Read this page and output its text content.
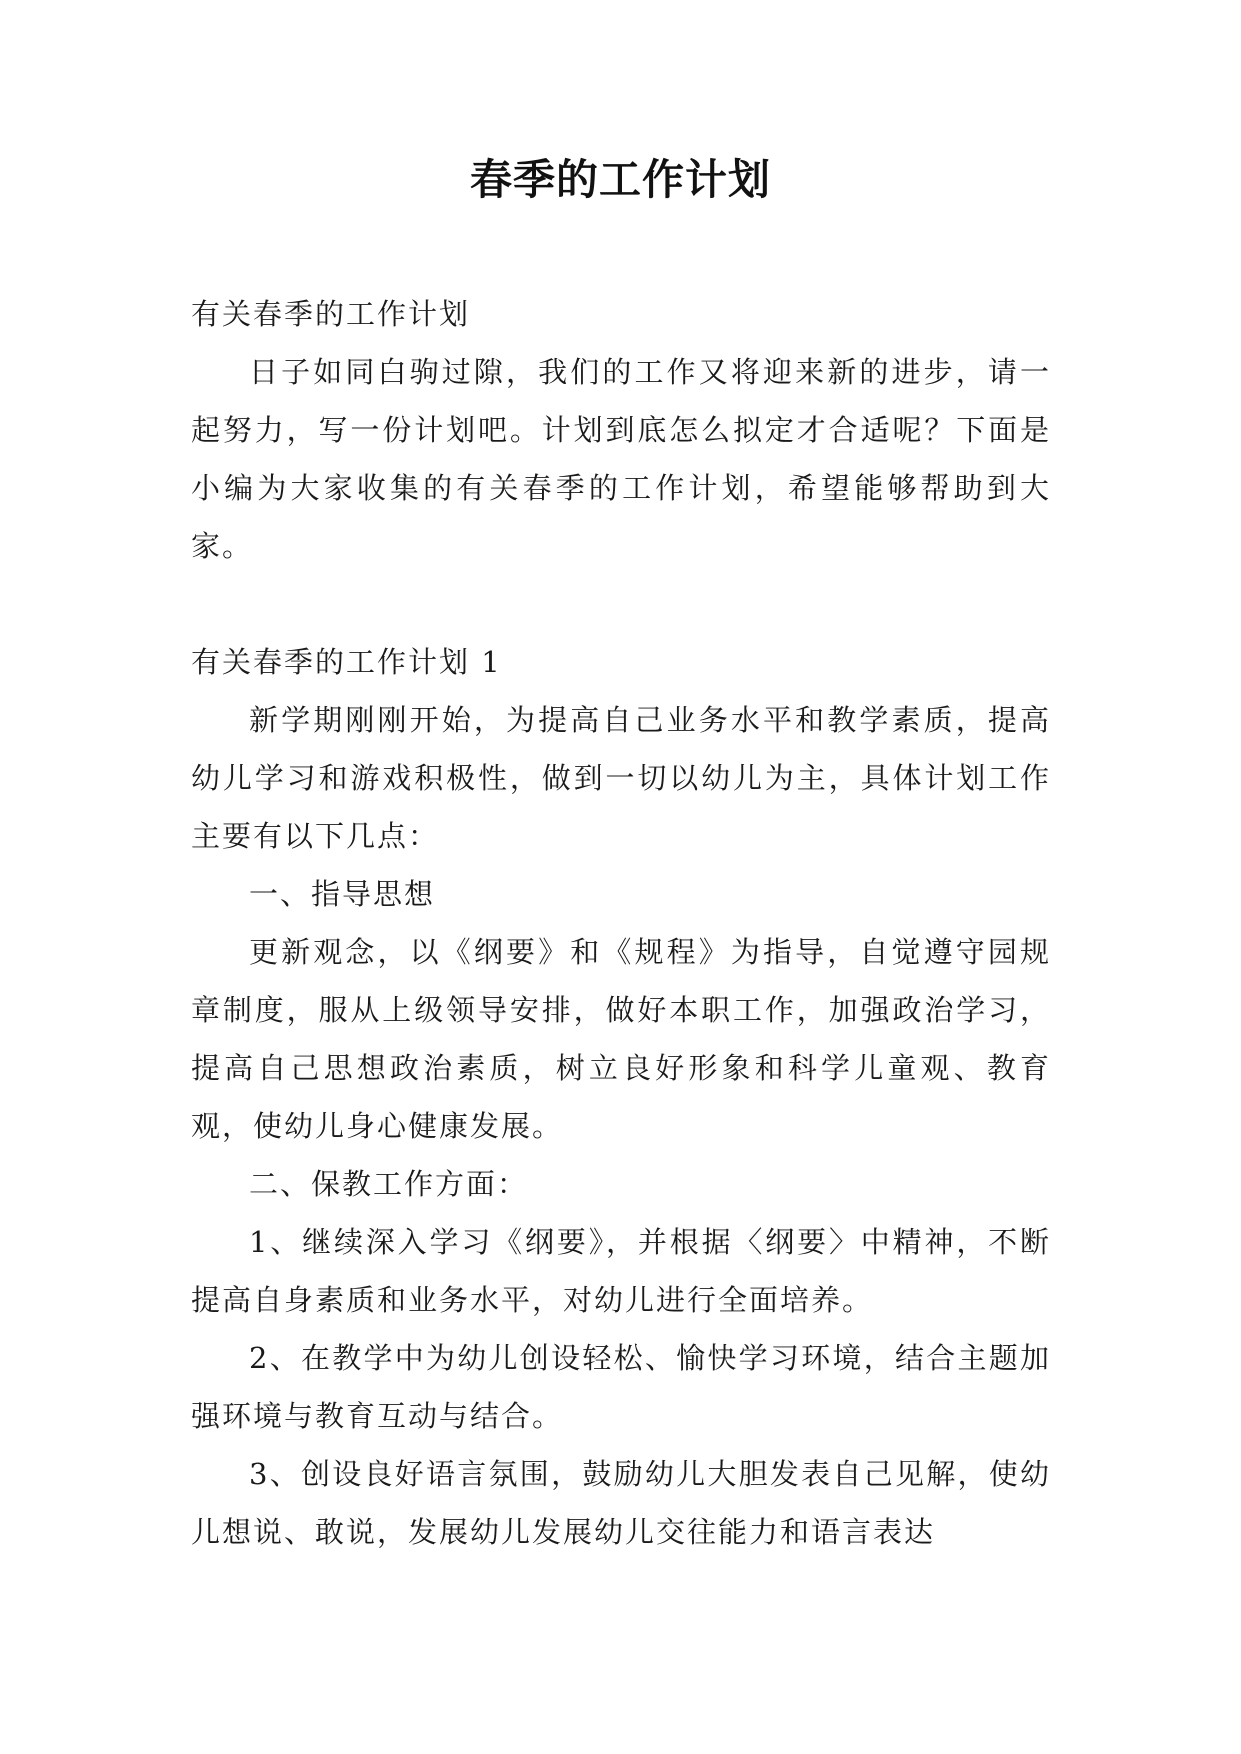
春季的工作计划

有关春季的工作计划

日子如同白驹过隙，我们的工作又将迎来新的进步，请一起努力，写一份计划吧。计划到底怎么拟定才合适呢？下面是小编为大家收集的有关春季的工作计划，希望能够帮助到大家。

有关春季的工作计划 1

新学期刚刚开始，为提高自己业务水平和教学素质，提高幼儿学习和游戏积极性，做到一切以幼儿为主，具体计划工作主要有以下几点：

一、指导思想

更新观念，以《纲要》和《规程》为指导，自觉遵守园规章制度，服从上级领导安排，做好本职工作，加强政治学习，提高自己思想政治素质，树立良好形象和科学儿童观、教育观，使幼儿身心健康发展。

二、保教工作方面：

1、继续深入学习《纲要》，并根据〈纲要〉中精神，不断提高自身素质和业务水平，对幼儿进行全面培养。

2、在教学中为幼儿创设轻松、愉快学习环境，结合主题加强环境与教育互动与结合。

3、创设良好语言氛围，鼓励幼儿大胆发表自己见解，使幼儿想说、敢说，发展幼儿发展幼儿交往能力和语言表达
